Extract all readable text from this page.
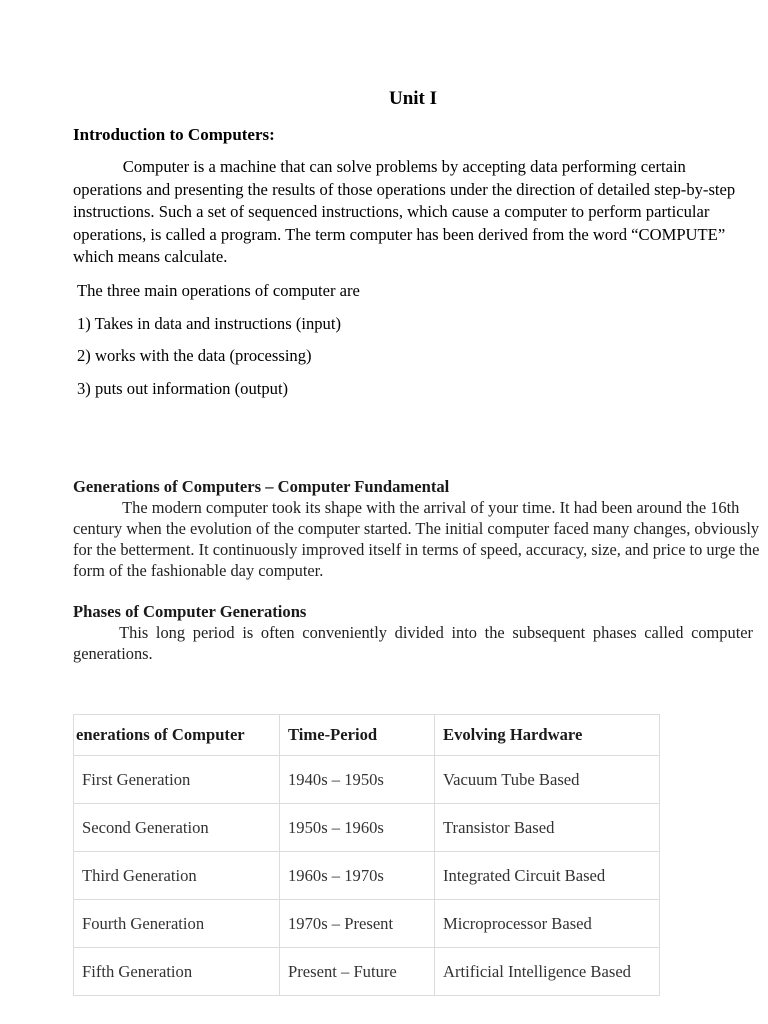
Unit I
Introduction to Computers:

Computer is a machine that can solve problems by accepting data performing certain operations and presenting the results of those operations under the direction of detailed step-by-step instructions. Such a set of sequenced instructions, which cause a computer to perform particular operations, is called a program. The term computer has been derived from the word “COMPUTE” which means calculate.

The three main operations of computer are
1) Takes in data and instructions (input)
2) works with the data (processing)
3) puts out information (output)
Generations of Computers – Computer Fundamental

The modern computer took its shape with the arrival of your time. It had been around the 16th century when the evolution of the computer started. The initial computer faced many changes, obviously for the betterment. It continuously improved itself in terms of speed, accuracy, size, and price to urge the form of the fashionable day computer.

Phases of Computer Generations

This long period is often conveniently divided into the subsequent phases called computer generations.

enerations of Computer	Time-Period	Evolving Hardware
First Generation	1940s – 1950s	Vacuum Tube Based
Second Generation	1950s – 1960s	Transistor Based
Third Generation	1960s – 1970s	Integrated Circuit Based
Fourth Generation	1970s – Present	Microprocessor Based
Fifth Generation	Present – Future	Artificial Intelligence Based
